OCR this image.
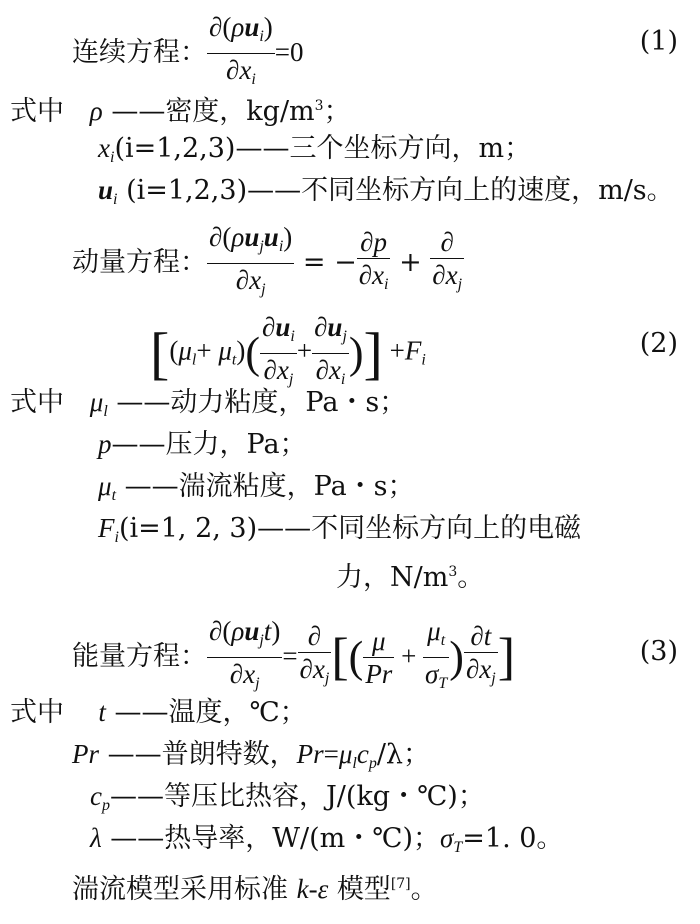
连续方程： $\frac{\partial(\rho u_i)}{\partial x_i} =0$	(1)
式中 ρ ——密度，$kg/m^3$；
$x_i(i=1,2,3)——$三个坐标方向，m；
$u_i$ (i=1,2,3)——不同坐标方向上的速度，m/s。
动量方程： $\frac{\partial(\rho u_ju_i)}{\partial x_j}$ = − $\frac{\partial p}{\partial x_i} + \frac{\partial}{\partial x_j}$
[$(\mu_l+ \mu_t)( \frac{\partial u_i}{\partial x_j} + \frac{\partial u_j}{\partial x_i}$ )] $+F_i$
(2)
式中 $\mu_l$ ——动力粘度，Pa・s；
p——压力，Pa；
$\mu_t$ ——湍流粘度，Pa・s；
$F_i(i=1$, 2, 3)——不同坐标方向上的电磁
力，$N/m^3$。
能量方程： $\frac{\partial(\rho u_jt)}{\partial x_j} = \frac{\partial}{\partial x_j}$ [( $\frac{\mu}{Pr} + \frac{\mu_t}{\sigma_T}$ ) $\frac{\partial t}{\partial x_j}$ ]	(3)
式中 t ——温度，℃；
Pr ——普朗特数，$Pr=\mu_lc_p/\lambda$；
$c_p——$等压比热容，J/(kg・℃)；
λ ——热导率，W/(m・℃)；$\sigma_T=1$. 0。
湍流模型采用标准 k-ε 模型[7]。
